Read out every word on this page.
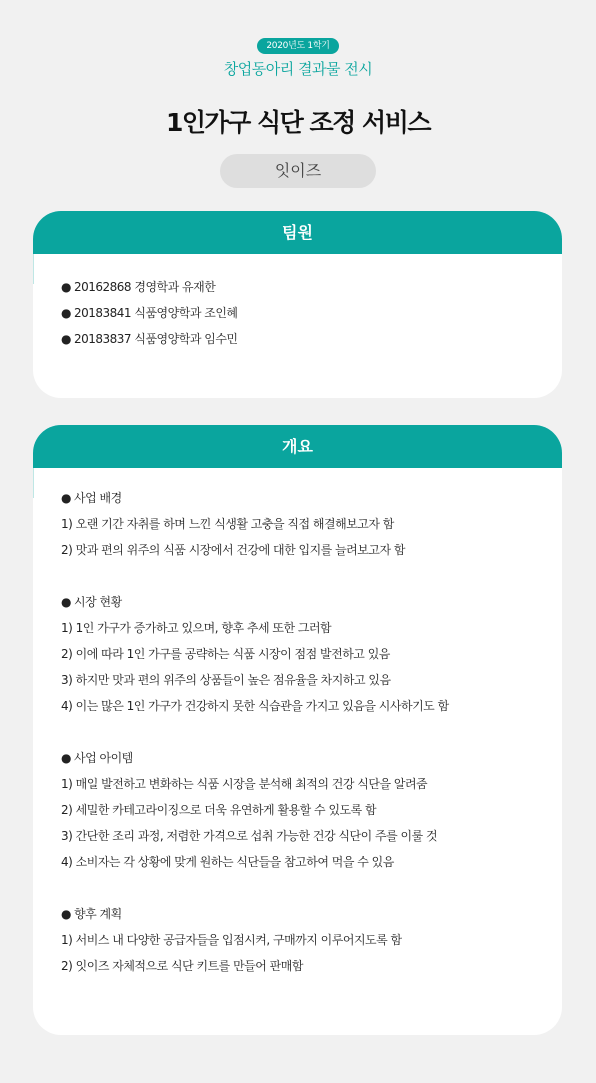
2020년도 1학기
창업동아리 결과물 전시
1인가구 식단 조정 서비스
잇이즈
팀원
● 20162868 경영학과 유재한
● 20183841 식품영양학과 조인혜
● 20183837 식품영양학과 임수민
개요
● 사업 배경
1) 오랜 기간 자취를 하며 느낀 식생활 고충을 직접 해결해보고자 함
2) 맛과 편의 위주의 식품 시장에서 건강에 대한 입지를 늘려보고자 함
● 시장 현황
1) 1인 가구가 증가하고 있으며, 향후 추세 또한 그러함
2) 이에 따라 1인 가구를 공략하는 식품 시장이 점점 발전하고 있음
3) 하지만 맛과 편의 위주의 상품들이 높은 점유율을 차지하고 있음
4) 이는 많은 1인 가구가 건강하지 못한 식습관을 가지고 있음을 시사하기도 함
● 사업 아이템
1) 매일 발전하고 변화하는 식품 시장을 분석해 최적의 건강 식단을 알려줌
2) 세밀한 카테고라이징으로 더욱 유연하게 활용할 수 있도록 함
3) 간단한 조리 과정, 저렴한 가격으로 섭취 가능한 건강 식단이 주를 이룰 것
4) 소비자는 각 상황에 맞게 원하는 식단들을 참고하여 먹을 수 있음
● 향후 계획
1) 서비스 내 다양한 공급자들을 입점시켜, 구매까지 이루어지도록 함
2) 잇이즈 자체적으로 식단 키트를 만들어 판매함
